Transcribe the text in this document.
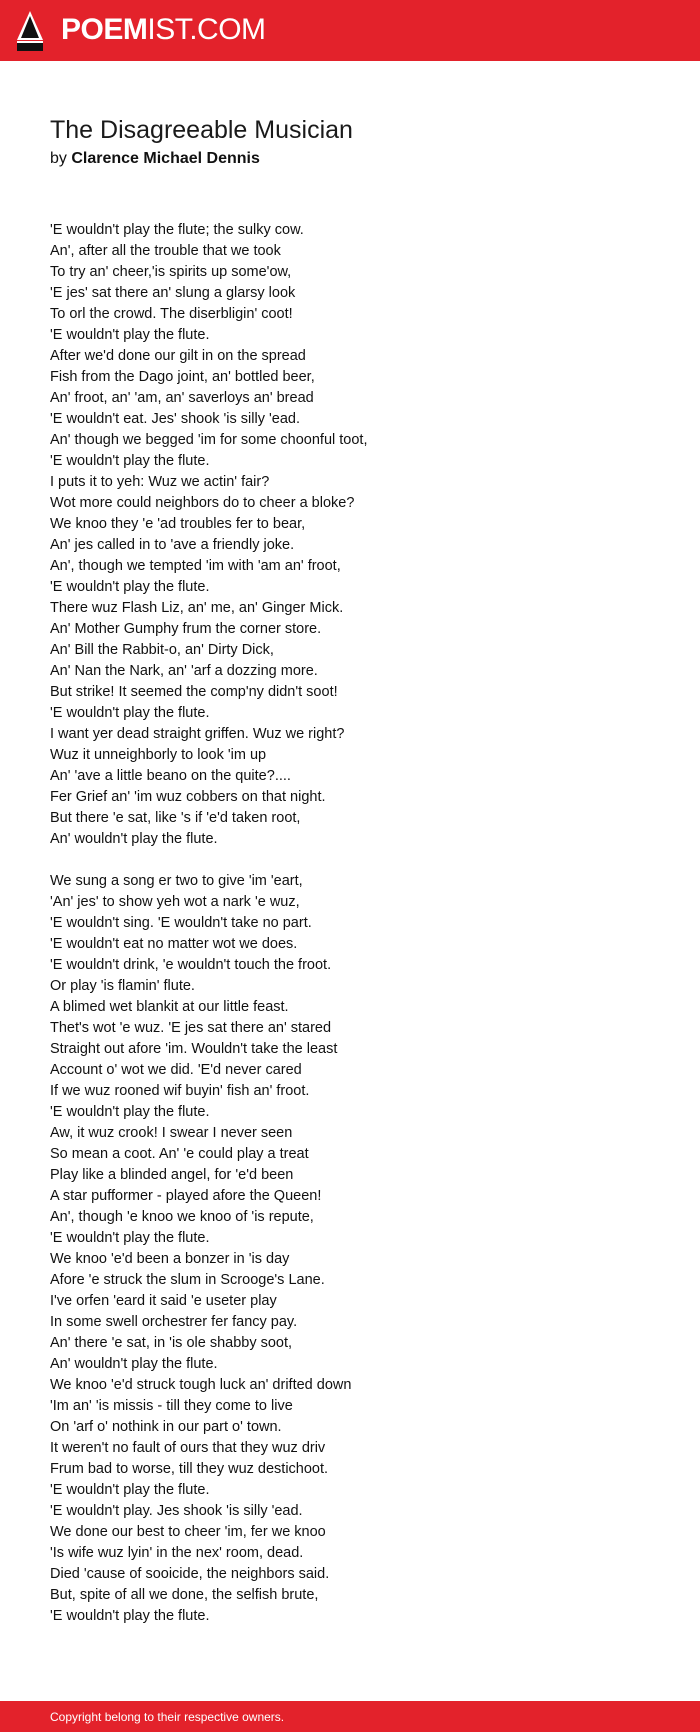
POEMIST.COM
The Disagreeable Musician
by Clarence Michael Dennis
'E wouldn't play the flute; the sulky cow.
An', after all the trouble that we took
To try an' cheer,'is spirits up some'ow,
'E jes' sat there an' slung a glarsy look
To orl the crowd. The diserbligin' coot!
'E wouldn't play the flute.
After we'd done our gilt in on the spread
Fish from the Dago joint, an' bottled beer,
An' froot, an' 'am, an' saverloys an' bread
'E wouldn't eat. Jes' shook 'is silly 'ead.
An' though we begged 'im for some choonful toot,
'E wouldn't play the flute.
I puts it to yeh: Wuz we actin' fair?
Wot more could neighbors do to cheer a bloke?
We knoo they 'e 'ad troubles fer to bear,
An' jes called in to 'ave a friendly joke.
An', though we tempted 'im with 'am an' froot,
'E wouldn't play the flute.
There wuz Flash Liz, an' me, an' Ginger Mick.
An' Mother Gumphy frum the corner store.
An' Bill the Rabbit-o, an' Dirty Dick,
An' Nan the Nark, an' 'arf a dozzing more.
But strike! It seemed the comp'ny didn't soot!
'E wouldn't play the flute.
I want yer dead straight griffen. Wuz we right?
Wuz it unneighborly to look 'im up
An' 'ave a little beano on the quite?....
Fer Grief an' 'im wuz cobbers on that night.
But there 'e sat, like 's if 'e'd taken root,
An' wouldn't play the flute.
We sung a song er two to give 'im 'eart,
'An' jes' to show yeh wot a nark 'e wuz,
'E wouldn't sing. 'E wouldn't take no part.
'E wouldn't eat no matter wot we does.
'E wouldn't drink, 'e wouldn't touch the froot.
Or play 'is flamin' flute.
A blimed wet blankit at our little feast.
Thet's wot 'e wuz. 'E jes sat there an' stared
Straight out afore 'im. Wouldn't take the least
Account o' wot we did. 'E'd never cared
If we wuz rooned wif buyin' fish an' froot.
'E wouldn't play the flute.
Aw, it wuz crook! I swear I never seen
So mean a coot. An' 'e could play a treat
Play like a blinded angel, for 'e'd been
A star pufformer - played afore the Queen!
An', though 'e knoo we knoo of 'is repute,
'E wouldn't play the flute.
We knoo 'e'd been a bonzer in 'is day
Afore 'e struck the slum in Scrooge's Lane.
I've orfen 'eard it said 'e useter play
In some swell orchestrer fer fancy pay.
An' there 'e sat, in 'is ole shabby soot,
An' wouldn't play the flute.
We knoo 'e'd struck tough luck an' drifted down
'Im an' 'is missis - till they come to live
On 'arf o' nothink in our part o' town.
It weren't no fault of ours that they wuz driv
Frum bad to worse, till they wuz destichoot.
'E wouldn't play the flute.
'E wouldn't play. Jes shook 'is silly 'ead.
We done our best to cheer 'im, fer we knoo
'Is wife wuz lyin' in the nex' room, dead.
Died 'cause of sooicide, the neighbors said.
But, spite of all we done, the selfish brute,
'E wouldn't play the flute.
Copyright belong to their respective owners.
